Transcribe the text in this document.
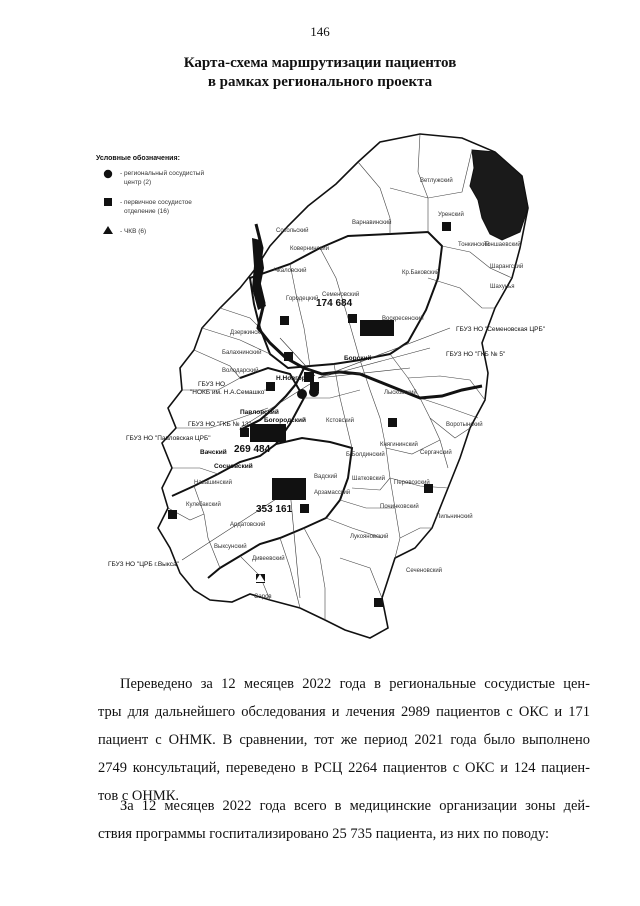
146
Карта-схема маршрутизации пациентов
в рамках регионального проекта
Условные обозначения:
- региональный сосудистый
центр (2)
- первичное сосудистое
отделение (16)
- ЧКВ (6)
174 684
269 484
353 161
ГБУЗ НО "Семеновская ЦРБ"
ГБУЗ НО "ГКБ № 5"
ГБУЗ НО
"НОКБ им. Н.А.Семашко"
ГБУЗ НО "ГКБ № 13"
ГБУЗ НО "Павловская ЦРБ"
ГБУЗ НО "ЦРБ г.Выкса"
Ветлужский
Уренский
Варнавинский
Кр.Баковский
Воскресенский
Семеновский
Борский
Н.Новгород
Городецкий
Ковернинский
Сокольский
Чкаловский
Балахнинский
Володарский
Дзержинск
Богородский
Павловский
Вачский
Сосновский
Кстовский
Лысковский
Воротынский
Княгининский
Б.Болдинский	Сергачский
Починковский
Лукояновский
Арзамасский
Шатковский
Ардатовский
Кулебакский
Навашинский
Выксунский
Вадский
Перевозский
Саров
Пильнинский
Сеченовский
Дивеевский
Тоншаевский
Шарангский
Тонкинский
Шахунья
Переведено за 12 месяцев 2022 года в региональные сосудистые цен-
тры для дальнейшего обследования и лечения 2989 пациентов с ОКС и 171
пациент с ОНМК. В сравнении, тот же период 2021 года было выполнено
2749 консультаций, переведено в РСЦ 2264 пациентов с ОКС и 124 пациен-
тов с ОНМК.
За 12 месяцев 2022 года всего в медицинские организации зоны дей-
ствия программы госпитализировано 25 735 пациента, из них по поводу:
